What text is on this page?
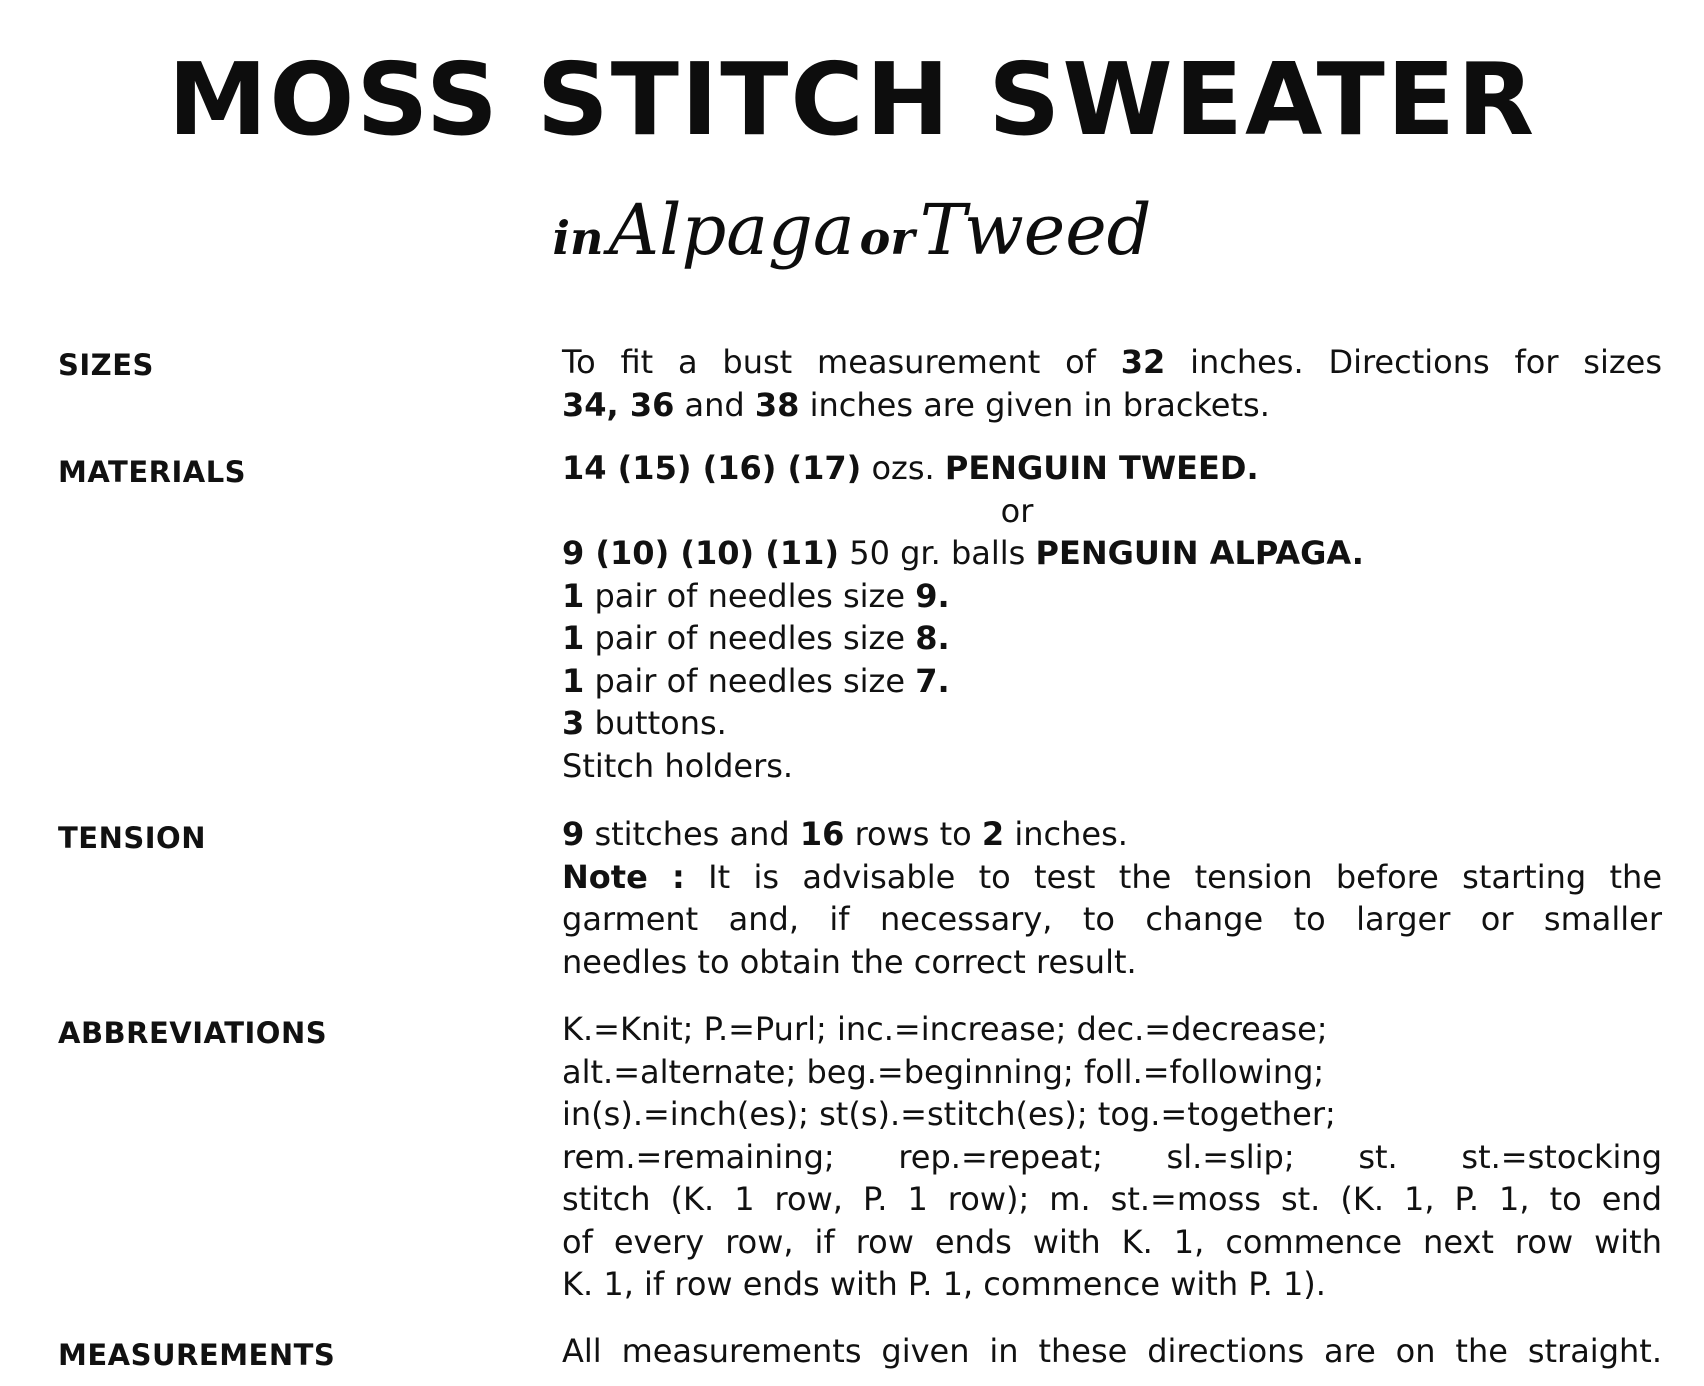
MOSS STITCH SWEATER
in Alpaga or Tweed
SIZES	To fit a bust measurement of 32 inches. Directions for sizes
34, 36 and 38 inches are given in brackets.
MATERIALS	14 (15) (16) (17) ozs. PENGUIN TWEED.
or
9 (10) (10) (11) 50 gr. balls PENGUIN ALPAGA.
1 pair of needles size 9.
1 pair of needles size 8.
1 pair of needles size 7.
3 buttons.
Stitch holders.
TENSION	9 stitches and 16 rows to 2 inches.
Note : It is advisable to test the tension before starting the
garment and, if necessary, to change to larger or smaller
needles to obtain the correct result.
ABBREVIATIONS	K.=Knit; P.=Purl; inc.=increase; dec.=decrease;
alt.=alternate; beg.=beginning; foll.=following;
in(s).=inch(es); st(s).=stitch(es); tog.=together;
rem.=remaining; rep.=repeat; sl.=slip; st. st.=stocking
stitch (K. 1 row, P. 1 row); m. st.=moss st. (K. 1, P. 1, to end
of every row, if row ends with K. 1, commence next row with
K. 1, if row ends with P. 1, commence with P. 1).
MEASUREMENTS	All measurements given in these directions are on the straight.
